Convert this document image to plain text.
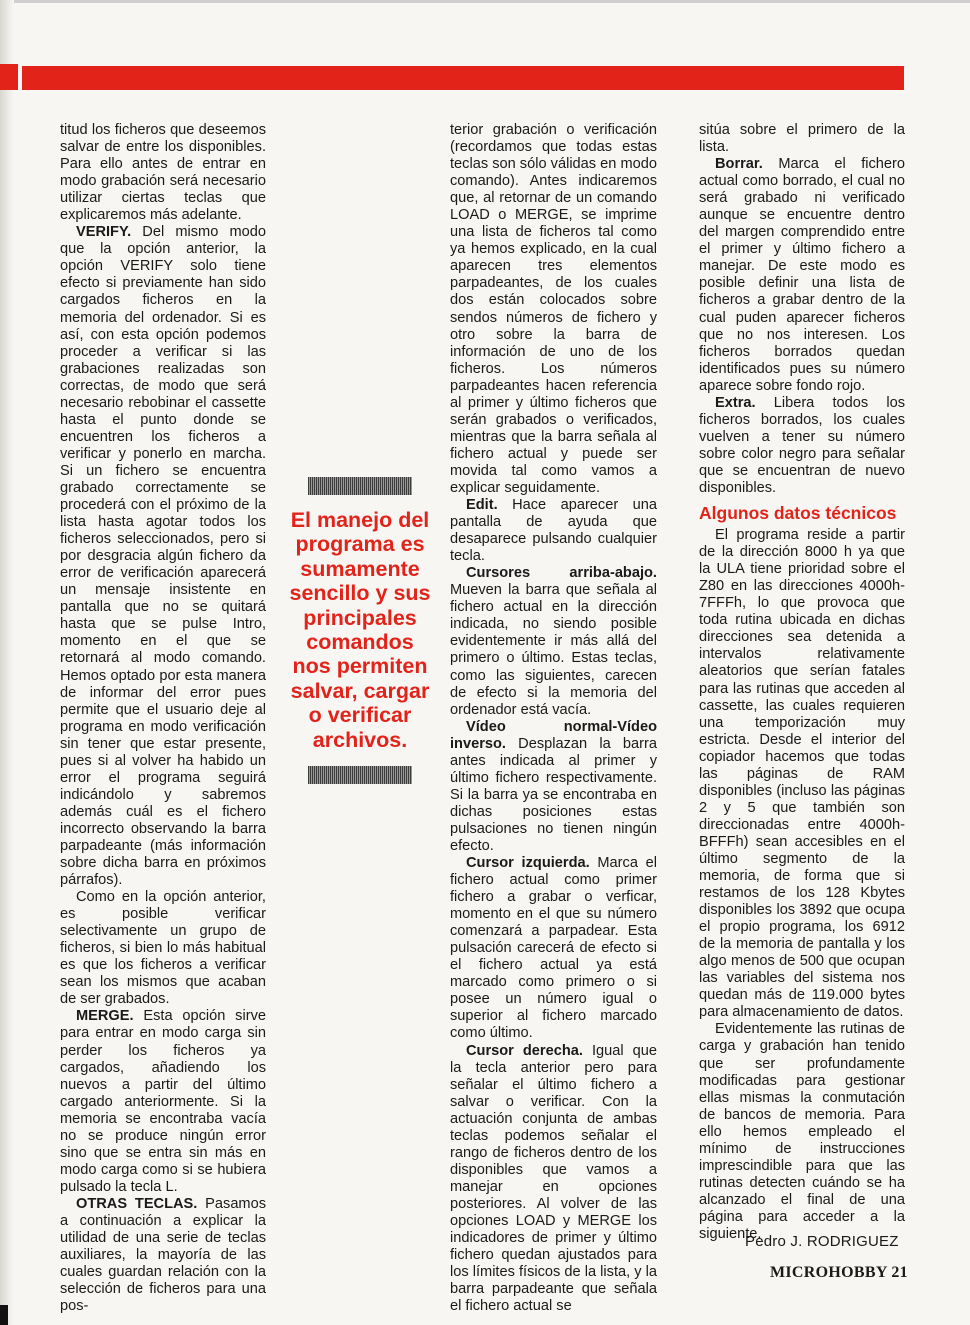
titud los ficheros que deseemos salvar de entre los disponibles. Para ello antes de entrar en modo grabación será necesario utilizar ciertas teclas que explicaremos más adelante.

VERIFY. Del mismo modo que la opción anterior, la opción VERIFY solo tiene efecto si previamente han sido cargados ficheros en la memoria del ordenador. Si es así, con esta opción podemos proceder a verificar si las grabaciones realizadas son correctas, de modo que será necesario rebobinar el cassette hasta el punto donde se encuentren los ficheros a verificar y ponerlo en marcha. Si un fichero se encuentra grabado correctamente se procederá con el próximo de la lista hasta agotar todos los ficheros seleccionados, pero si por desgracia algún fichero da error de verificación aparecerá un mensaje insistente en pantalla que no se quitará hasta que se pulse Intro, momento en el que se retornará al modo comando. Hemos optado por esta manera de informar del error pues permite que el usuario deje al programa en modo verificación sin tener que estar presente, pues si al volver ha habido un error el programa seguirá indicándolo y sabremos además cuál es el fichero incorrecto observando la barra parpadeante (más información sobre dicha barra en próximos párrafos).

Como en la opción anterior, es posible verificar selectivamente un grupo de ficheros, si bien lo más habitual es que los ficheros a verificar sean los mismos que acaban de ser grabados.

MERGE. Esta opción sirve para entrar en modo carga sin perder los ficheros ya cargados, añadiendo los nuevos a partir del último cargado anteriormente. Si la memoria se encontraba vacía no se produce ningún error sino que se entra sin más en modo carga como si se hubiera pulsado la tecla L.

OTRAS TECLAS. Pasamos a continuación a explicar la utilidad de una serie de teclas auxiliares, la mayoría de las cuales guardan relación con la selección de ficheros para una pos-

El manejo del programa es sumamente sencillo y sus principales comandos nos permiten salvar, cargar o verificar archivos.

terior grabación o verificación (recordamos que todas estas teclas son sólo válidas en modo comando). Antes indicaremos que, al retornar de un comando LOAD o MERGE, se imprime una lista de ficheros tal como ya hemos explicado, en la cual aparecen tres elementos parpadeantes, de los cuales dos están colocados sobre sendos números de fichero y otro sobre la barra de información de uno de los ficheros. Los números parpadeantes hacen referencia al primer y último ficheros que serán grabados o verificados, mientras que la barra señala al fichero actual y puede ser movida tal como vamos a explicar seguidamente.

Edit. Hace aparecer una pantalla de ayuda que desaparece pulsando cualquier tecla.

Cursores arriba-abajo. Mueven la barra que señala al fichero actual en la dirección indicada, no siendo posible evidentemente ir más allá del primero o último. Estas teclas, como las siguientes, carecen de efecto si la memoria del ordenador está vacía.

Vídeo normal-Vídeo inverso. Desplazan la barra antes indicada al primer y último fichero respectivamente. Si la barra ya se encontraba en dichas posiciones estas pulsaciones no tienen ningún efecto.

Cursor izquierda. Marca el fichero actual como primer fichero a grabar o verficar, momento en el que su número comenzará a parpadear. Esta pulsación carecerá de efecto si el fichero actual ya está marcado como primero o si posee un número igual o superior al fichero marcado como último.

Cursor derecha. Igual que la tecla anterior pero para señalar el último fichero a salvar o verificar. Con la actuación conjunta de ambas teclas podemos señalar el rango de ficheros dentro de los disponibles que vamos a manejar en opciones posteriores. Al volver de las opciones LOAD y MERGE los indicadores de primer y último fichero quedan ajustados para los límites físicos de la lista, y la barra parpadeante que señala el fichero actual se

sitúa sobre el primero de la lista.

Borrar. Marca el fichero actual como borrado, el cual no será grabado ni verificado aunque se encuentre dentro del margen comprendido entre el primer y último fichero a manejar. De este modo es posible definir una lista de ficheros a grabar dentro de la cual puden aparecer ficheros que no nos interesen. Los ficheros borrados quedan identificados pues su número aparece sobre fondo rojo.

Extra. Libera todos los ficheros borrados, los cuales vuelven a tener su número sobre color negro para señalar que se encuentran de nuevo disponibles.

Algunos datos técnicos

El programa reside a partir de la dirección 8000 h ya que la ULA tiene prioridad sobre el Z80 en las direcciones 4000h-7FFFh, lo que provoca que toda rutina ubicada en dichas direcciones sea detenida a intervalos relativamente aleatorios que serían fatales para las rutinas que acceden al cassette, las cuales requieren una temporización muy estricta. Desde el interior del copiador hacemos que todas las páginas de RAM disponibles (incluso las páginas 2 y 5 que también son direccionadas entre 4000h-BFFFh) sean accesibles en el último segmento de la memoria, de forma que si restamos de los 128 Kbytes disponibles los 3892 que ocupa el propio programa, los 6912 de la memoria de pantalla y los algo menos de 500 que ocupan las variables del sistema nos quedan más de 119.000 bytes para almacenamiento de datos.

Evidentemente las rutinas de carga y grabación han tenido que ser profundamente modificadas para gestionar ellas mismas la conmutación de bancos de memoria. Para ello hemos empleado el mínimo de instrucciones imprescindible para que las rutinas detecten cuándo se ha alcanzado el final de una página para acceder a la siguiente.

Pedro J. RODRIGUEZ
MICROHOBBY 21
